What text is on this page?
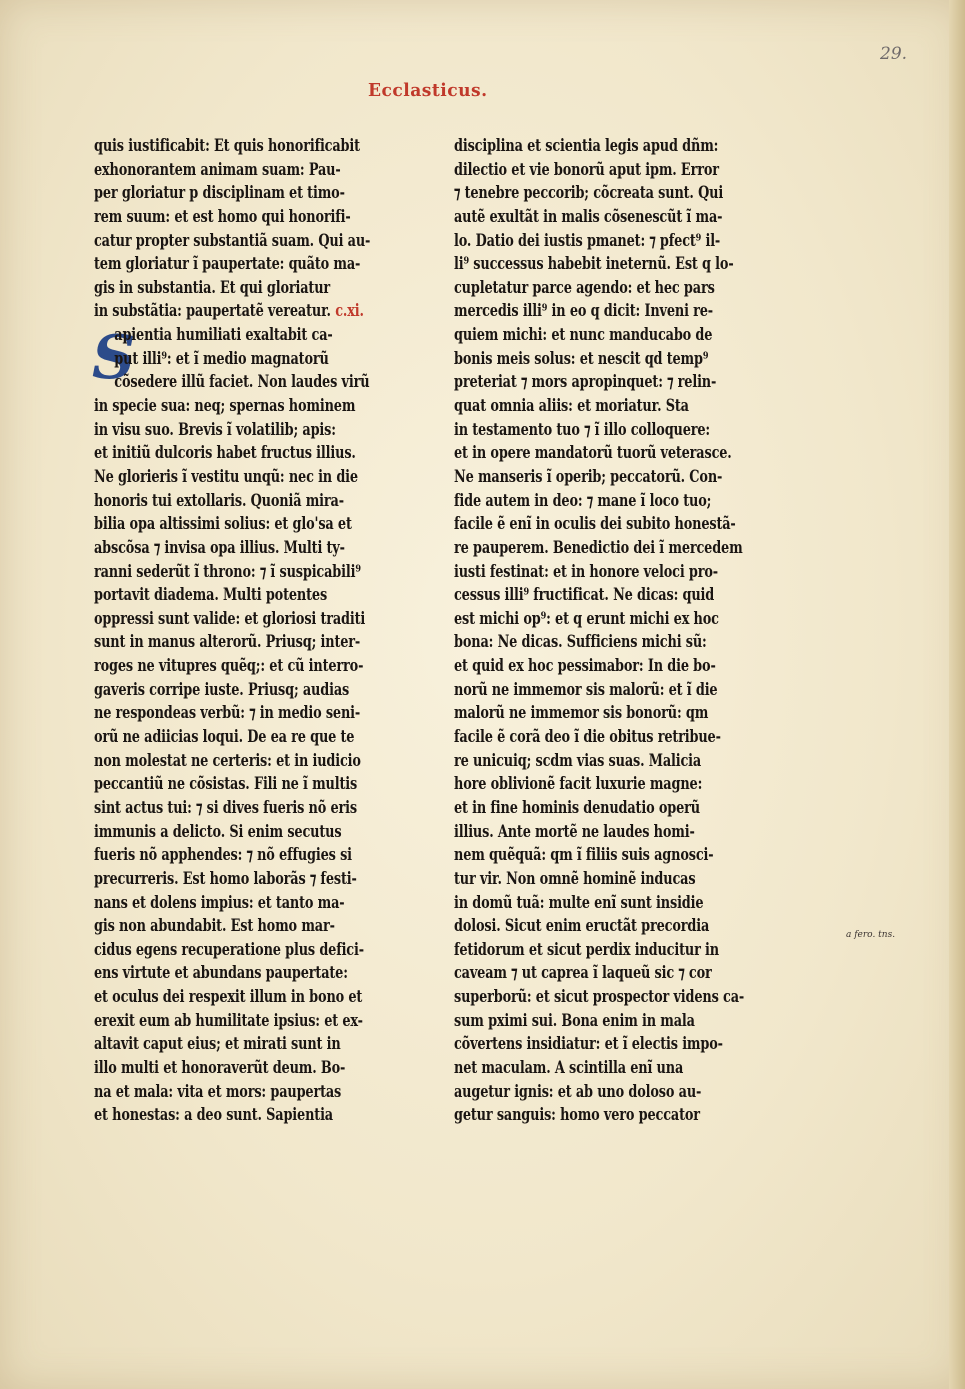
29.
Ecclasticus.
S
quis iustificabit: Et quis honorificabit
exhonorantem animam suam: Pau-
per gloriatur p disciplinam et timo-
rem suum: et est homo qui honorifi-
catur propter substantiã suam. Qui au-
tem gloriatur ĩ paupertate: quãto ma-
gis in substantia. Et qui gloriatur
in substãtia: paupertatẽ vereatur. c.xi.
apientia humiliati exaltabit ca-
put illi⁹: et ĩ medio magnatorũ
cõsedere illũ faciet. Non laudes virũ
in specie sua: neq; spernas hominem
in visu suo. Brevis ĩ volatilib; apis:
et initiũ dulcoris habet fructus illius.
Ne glorieris ĩ vestitu unqũ: nec in die
honoris tui extollaris. Quoniã mira-
bilia opa altissimi solius: et glo'sa et
abscõsa ⁊ invisa opa illius. Multi ty-
ranni sederũt ĩ throno: ⁊ ĩ suspicabili⁹
portavit diadema. Multi potentes
oppressi sunt valide: et gloriosi traditi
sunt in manus alterorũ. Priusq; inter-
roges ne vitupres quẽq;: et cũ interro-
gaveris corripe iuste. Priusq; audias
ne respondeas verbũ: ⁊ in medio seni-
orũ ne adiicias loqui. De ea re que te
non molestat ne certeris: et in iudicio
peccantiũ ne cõsistas. Fili ne ĩ multis
sint actus tui: ⁊ si dives fueris nõ eris
immunis a delicto. Si enim secutus
fueris nõ apphendes: ⁊ nõ effugies si
precurreris. Est homo laborãs ⁊ festi-
nans et dolens impius: et tanto ma-
gis non abundabit. Est homo mar-
cidus egens recuperatione plus defici-
ens virtute et abundans paupertate:
et oculus dei respexit illum in bono et
erexit eum ab humilitate ipsius: et ex-
altavit caput eius; et mirati sunt in
illo multi et honoraverũt deum. Bo-
na et mala: vita et mors: paupertas
et honestas: a deo sunt. Sapientia
disciplina et scientia legis apud dñm:
dilectio et vie bonorũ aput ipm. Error
⁊ tenebre peccorib; cõcreata sunt. Qui
autẽ exultãt in malis cõsenescũt ĩ ma-
lo. Datio dei iustis pmanet: ⁊ pfect⁹ il-
li⁹ successus habebit ineternũ. Est q lo-
cupletatur parce agendo: et hec pars
mercedis illi⁹ in eo q dicit: Inveni re-
quiem michi: et nunc manducabo de
bonis meis solus: et nescit qd temp⁹
preteriat ⁊ mors apropinquet: ⁊ relin-
quat omnia aliis: et moriatur. Sta
in testamento tuo ⁊ ĩ illo colloquere:
et in opere mandatorũ tuorũ veterasce.
Ne manseris ĩ operib; peccatorũ. Con-
fide autem in deo: ⁊ mane ĩ loco tuo;
facile ẽ enĩ in oculis dei subito honestã-
re pauperem. Benedictio dei ĩ mercedem
iusti festinat: et in honore veloci pro-
cessus illi⁹ fructificat. Ne dicas: quid
est michi op⁹: et q erunt michi ex hoc
bona: Ne dicas. Sufficiens michi sũ:
et quid ex hoc pessimabor: In die bo-
norũ ne immemor sis malorũ: et ĩ die
malorũ ne immemor sis bonorũ: qm
facile ẽ corã deo ĩ die obitus retribue-
re unicuiq; scdm vias suas. Malicia
hore oblivionẽ facit luxurie magne:
et in fine hominis denudatio operũ
illius. Ante mortẽ ne laudes homi-
nem quẽquã: qm ĩ filiis suis agnosci-
tur vir. Non omnẽ hominẽ inducas
in domũ tuã: multe enĩ sunt insidie
dolosi. Sicut enim eructãt precordia
fetidorum et sicut perdix inducitur in
caveam ⁊ ut caprea ĩ laqueũ sic ⁊ cor
superborũ: et sicut prospector videns ca-
sum pximi sui. Bona enim in mala
cõvertens insidiatur: et ĩ electis impo-
net maculam. A scintilla enĩ una
augetur ignis: et ab uno doloso au-
getur sanguis: homo vero peccator
a fero. tns.
